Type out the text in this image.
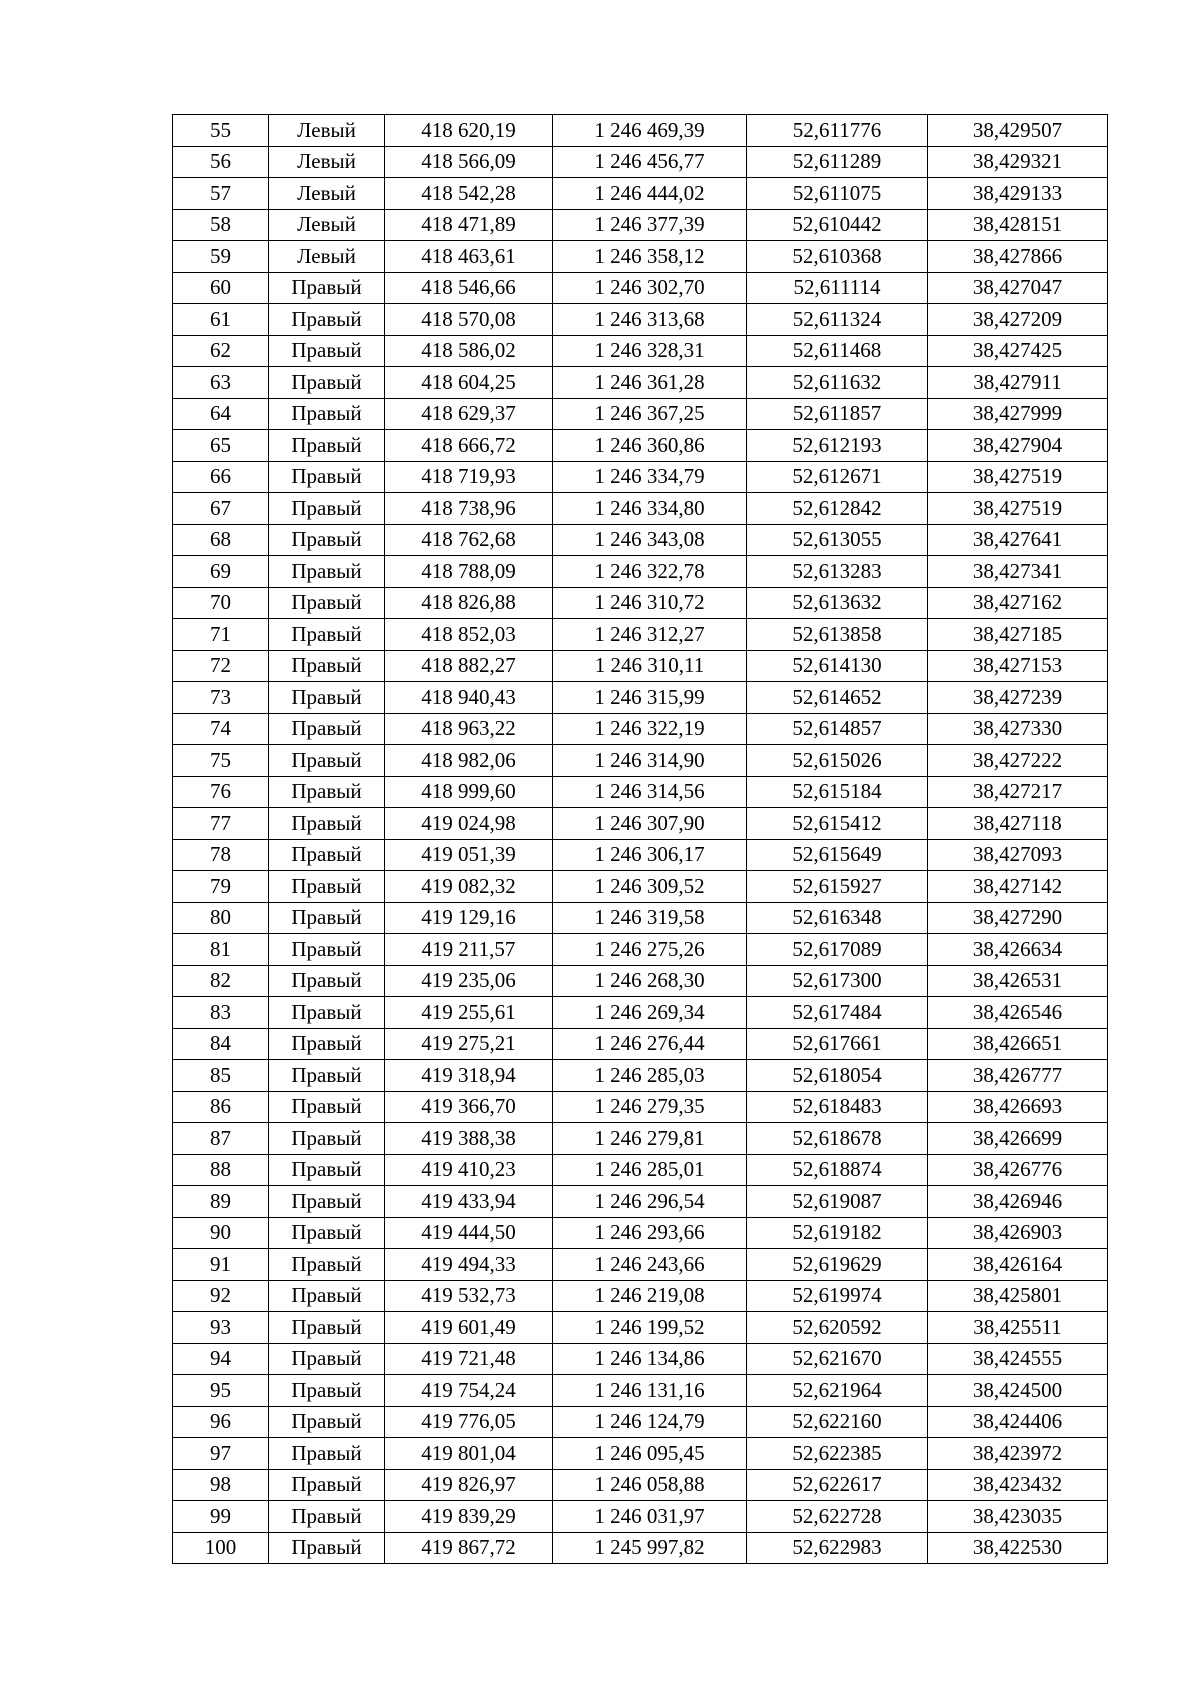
55	Левый	418 620,19	1 246 469,39	52,611776	38,429507
56	Левый	418 566,09	1 246 456,77	52,611289	38,429321
57	Левый	418 542,28	1 246 444,02	52,611075	38,429133
58	Левый	418 471,89	1 246 377,39	52,610442	38,428151
59	Левый	418 463,61	1 246 358,12	52,610368	38,427866
60	Правый	418 546,66	1 246 302,70	52,611114	38,427047
61	Правый	418 570,08	1 246 313,68	52,611324	38,427209
62	Правый	418 586,02	1 246 328,31	52,611468	38,427425
63	Правый	418 604,25	1 246 361,28	52,611632	38,427911
64	Правый	418 629,37	1 246 367,25	52,611857	38,427999
65	Правый	418 666,72	1 246 360,86	52,612193	38,427904
66	Правый	418 719,93	1 246 334,79	52,612671	38,427519
67	Правый	418 738,96	1 246 334,80	52,612842	38,427519
68	Правый	418 762,68	1 246 343,08	52,613055	38,427641
69	Правый	418 788,09	1 246 322,78	52,613283	38,427341
70	Правый	418 826,88	1 246 310,72	52,613632	38,427162
71	Правый	418 852,03	1 246 312,27	52,613858	38,427185
72	Правый	418 882,27	1 246 310,11	52,614130	38,427153
73	Правый	418 940,43	1 246 315,99	52,614652	38,427239
74	Правый	418 963,22	1 246 322,19	52,614857	38,427330
75	Правый	418 982,06	1 246 314,90	52,615026	38,427222
76	Правый	418 999,60	1 246 314,56	52,615184	38,427217
77	Правый	419 024,98	1 246 307,90	52,615412	38,427118
78	Правый	419 051,39	1 246 306,17	52,615649	38,427093
79	Правый	419 082,32	1 246 309,52	52,615927	38,427142
80	Правый	419 129,16	1 246 319,58	52,616348	38,427290
81	Правый	419 211,57	1 246 275,26	52,617089	38,426634
82	Правый	419 235,06	1 246 268,30	52,617300	38,426531
83	Правый	419 255,61	1 246 269,34	52,617484	38,426546
84	Правый	419 275,21	1 246 276,44	52,617661	38,426651
85	Правый	419 318,94	1 246 285,03	52,618054	38,426777
86	Правый	419 366,70	1 246 279,35	52,618483	38,426693
87	Правый	419 388,38	1 246 279,81	52,618678	38,426699
88	Правый	419 410,23	1 246 285,01	52,618874	38,426776
89	Правый	419 433,94	1 246 296,54	52,619087	38,426946
90	Правый	419 444,50	1 246 293,66	52,619182	38,426903
91	Правый	419 494,33	1 246 243,66	52,619629	38,426164
92	Правый	419 532,73	1 246 219,08	52,619974	38,425801
93	Правый	419 601,49	1 246 199,52	52,620592	38,425511
94	Правый	419 721,48	1 246 134,86	52,621670	38,424555
95	Правый	419 754,24	1 246 131,16	52,621964	38,424500
96	Правый	419 776,05	1 246 124,79	52,622160	38,424406
97	Правый	419 801,04	1 246 095,45	52,622385	38,423972
98	Правый	419 826,97	1 246 058,88	52,622617	38,423432
99	Правый	419 839,29	1 246 031,97	52,622728	38,423035
100	Правый	419 867,72	1 245 997,82	52,622983	38,422530
